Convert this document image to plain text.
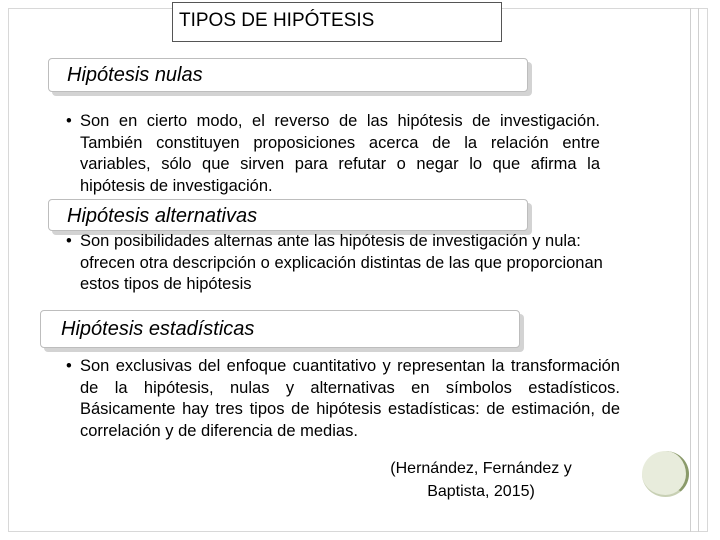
TIPOS DE HIPÓTESIS
Hipótesis nulas
• Son en cierto modo, el reverso de las hipótesis de investigación. También constituyen proposiciones acerca de la relación entre variables, sólo que sirven para refutar o negar lo que afirma la hipótesis de investigación.
Hipótesis alternativas
• Son posibilidades alternas ante las hipótesis de investigación y nula: ofrecen otra descripción o explicación distintas de las que proporcionan estos tipos de hipótesis
Hipótesis estadísticas
• Son exclusivas del enfoque cuantitativo y representan la transformación de la hipótesis, nulas y alternativas en símbolos estadísticos. Básicamente hay tres tipos de hipótesis estadísticas: de estimación, de correlación y de diferencia de medias.
(Hernández, Fernández y
Baptista, 2015)
